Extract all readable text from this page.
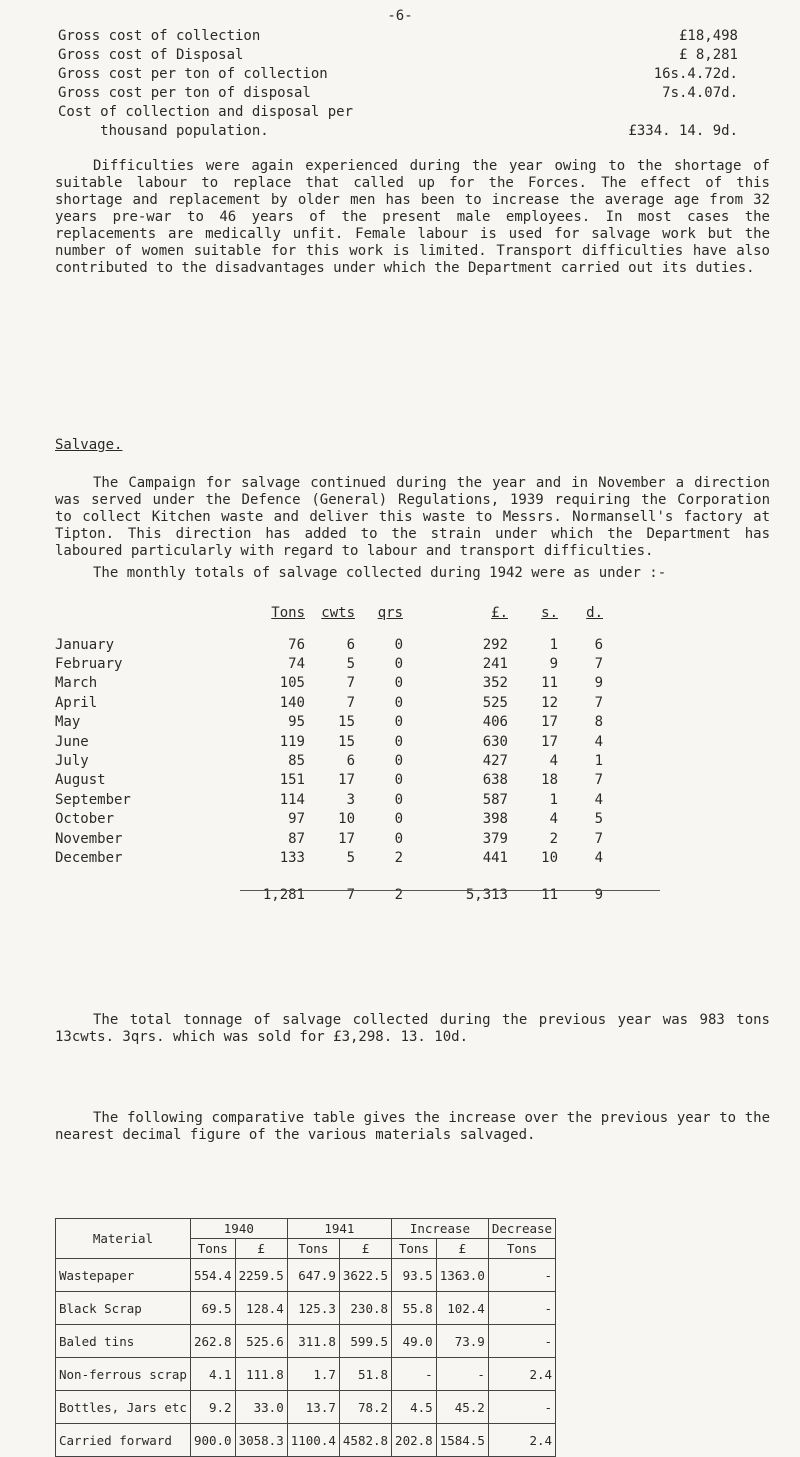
-6-
Gross cost of collection	£18,498
Gross cost of Disposal	£ 8,281
Gross cost per ton of collection	16s.4.72d.
Gross cost per ton of disposal	7s.4.07d.
Cost of collection and disposal per
thousand population.	£334. 14. 9d.
Difficulties were again experienced during the year owing to the shortage of suitable labour to replace that called up for the Forces. The effect of this shortage and replacement by older men has been to increase the average age from 32 years pre-war to 46 years of the present male employees. In most cases the replacements are medically unfit. Female labour is used for salvage work but the number of women suitable for this work is limited. Transport difficulties have also contributed to the disadvantages under which the Department carried out its duties.
Salvage.
The Campaign for salvage continued during the year and in November a direction was served under the Defence (General) Regulations, 1939 requiring the Corporation to collect Kitchen waste and deliver this waste to Messrs. Normansell's factory at Tipton. This direction has added to the strain under which the Department has laboured particularly with regard to labour and transport difficulties.
The monthly totals of salvage collected during 1942 were as under :-
	Tons	cwts	qrs	£.	s.	d.
January	76	6	0	292	1	6
February	74	5	0	241	9	7
March	105	7	0	352	11	9
April	140	7	0	525	12	7
May	95	15	0	406	17	8
June	119	15	0	630	17	4
July	85	6	0	427	4	1
August	151	17	0	638	18	7
September	114	3	0	587	1	4
October	97	10	0	398	4	5
November	87	17	0	379	2	7
December	133	5	2	441	10	4
	1,281	7	2	5,313	11	9
The total tonnage of salvage collected during the previous year was 983 tons 13cwts. 3qrs. which was sold for £3,298. 13. 10d.
The following comparative table gives the increase over the previous year to the nearest decimal figure of the various materials salvaged.
Material	1940		1941		Increase		Decrease
	Tons	£	Tons	£	Tons	£	Tons
Wastepaper	554.4	2259.5	647.9	3622.5	93.5	1363.0	-
Black Scrap	69.5	128.4	125.3	230.8	55.8	102.4	-
Baled tins	262.8	525.6	311.8	599.5	49.0	73.9	-
Non-ferrous scrap	4.1	111.8	1.7	51.8	-	-	2.4
Bottles, Jars etc	9.2	33.0	13.7	78.2	4.5	45.2	-
Carried forward	900.0	3058.3	1100.4	4582.8	202.8	1584.5	2.4
